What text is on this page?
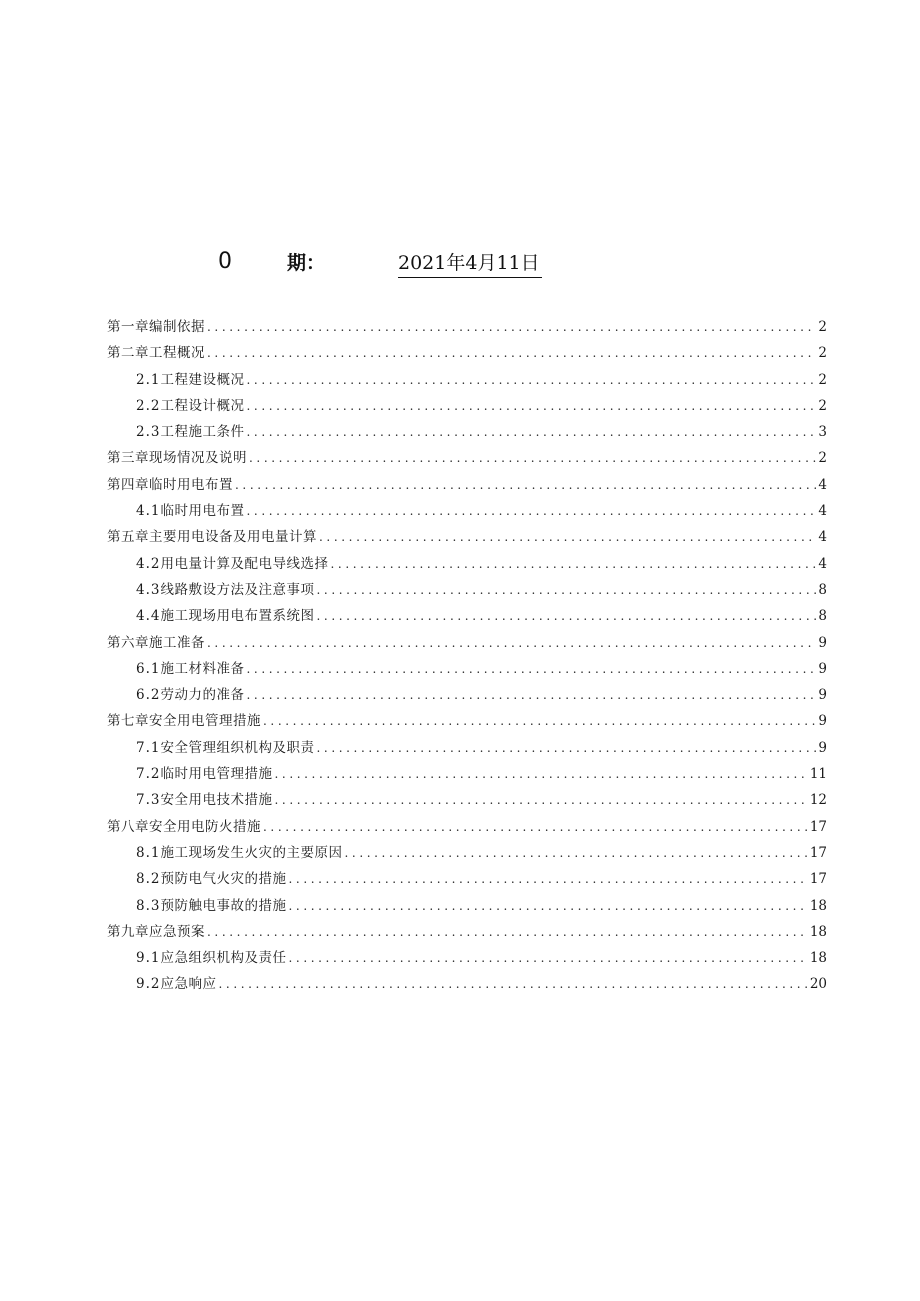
0	期：	2021年4月11日
第一章编制依据 .....	2
第二章工程概况 .....	2
2.1 工程建设概况 .....	2
2.2 工程设计概况 .....	2
2.3 工程施工条件 .....	3
第三章现场情况及说明 .....	2
第四章临时用电布置 .....	4
4.1 临时用电布置 .....	4
第五章主要用电设备及用电量计算 .....	4
4.2 用电量计算及配电导线选择 .....	4
4.3 线路敷设方法及注意事项 .....	8
4.4 施工现场用电布置系统图 .....	8
第六章施工准备 .....	9
6.1 施工材料准备 .....	9
6.2 劳动力的准备 .....	9
第七章安全用电管理措施 .....	9
7.1 安全管理组织机构及职责 .....	9
7.2 临时用电管理措施 .....	11
7.3 安全用电技术措施 .....	12
第八章安全用电防火措施 .....	17
8.1 施工现场发生火灾的主要原因 .....	17
8.2 预防电气火灾的措施 .....	17
8.3 预防触电事故的措施 .....	18
第九章应急预案 .....	18
9.1 应急组织机构及责任 .....	18
9.2 应急响应 .....	20
